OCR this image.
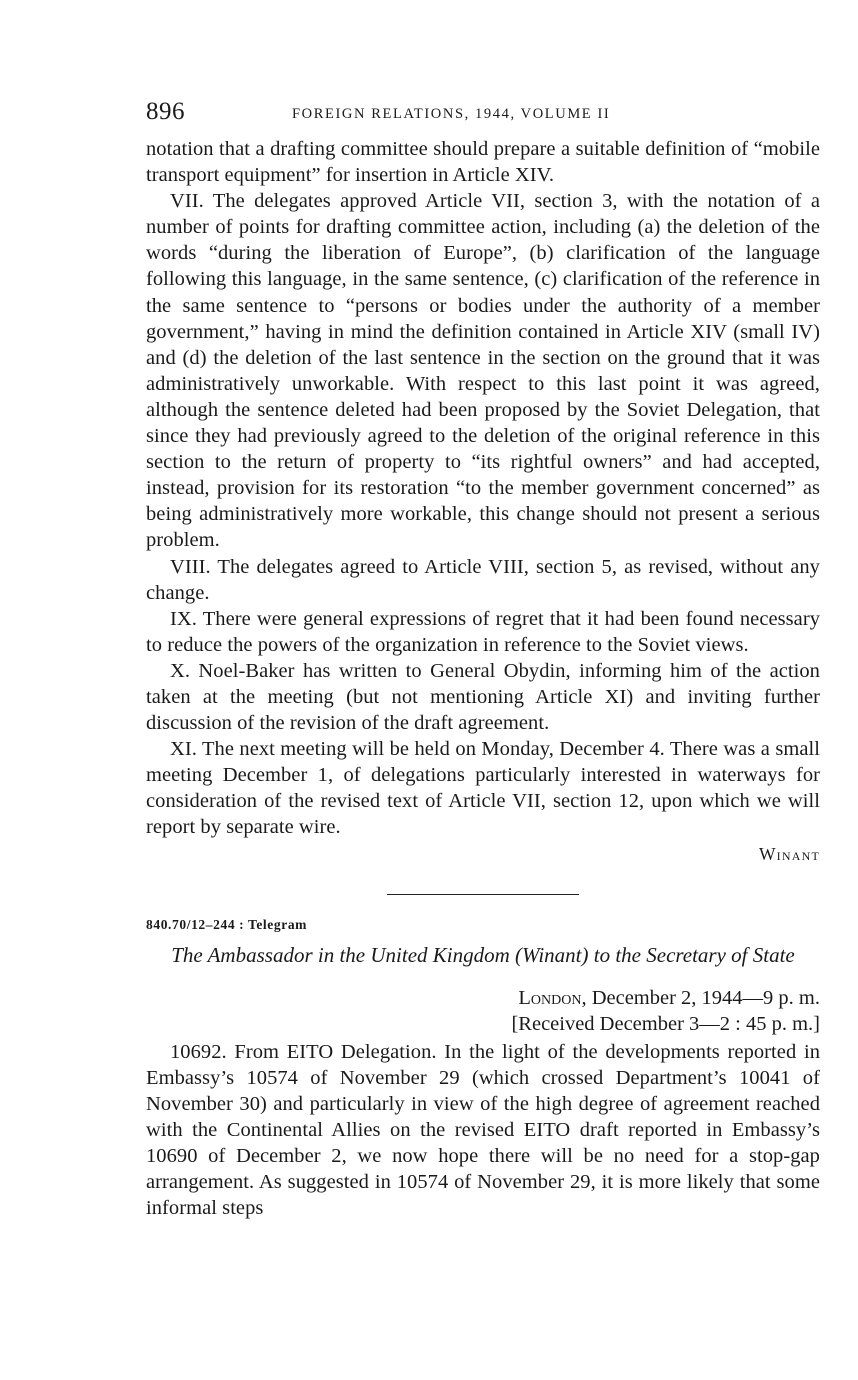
896	FOREIGN RELATIONS, 1944, VOLUME II

notation that a drafting committee should prepare a suitable definition of “mobile transport equipment” for insertion in Article XIV.

VII. The delegates approved Article VII, section 3, with the notation of a number of points for drafting committee action, including (a) the deletion of the words “during the liberation of Europe”, (b) clarification of the language following this language, in the same sentence, (c) clarification of the reference in the same sentence to “persons or bodies under the authority of a member government,” having in mind the definition contained in Article XIV (small IV) and (d) the deletion of the last sentence in the section on the ground that it was administratively unworkable. With respect to this last point it was agreed, although the sentence deleted had been proposed by the Soviet Delegation, that since they had previously agreed to the deletion of the original reference in this section to the return of property to “its rightful owners” and had accepted, instead, provision for its restoration “to the member government concerned” as being administratively more workable, this change should not present a serious problem.

VIII. The delegates agreed to Article VIII, section 5, as revised, without any change.

IX. There were general expressions of regret that it had been found necessary to reduce the powers of the organization in reference to the Soviet views.

X. Noel-Baker has written to General Obydin, informing him of the action taken at the meeting (but not mentioning Article XI) and inviting further discussion of the revision of the draft agreement.

XI. The next meeting will be held on Monday, December 4. There was a small meeting December 1, of delegations particularly interested in waterways for consideration of the revised text of Article VII, section 12, upon which we will report by separate wire.

Winant
840.70/12–244 : Telegram
The Ambassador in the United Kingdom (Winant) to the Secretary of State
London, December 2, 1944—9 p. m.
[Received December 3—2 : 45 p. m.]

10692. From EITO Delegation. In the light of the developments reported in Embassy’s 10574 of November 29 (which crossed Department’s 10041 of November 30) and particularly in view of the high degree of agreement reached with the Continental Allies on the revised EITO draft reported in Embassy’s 10690 of December 2, we now hope there will be no need for a stop-gap arrangement. As suggested in 10574 of November 29, it is more likely that some informal steps
